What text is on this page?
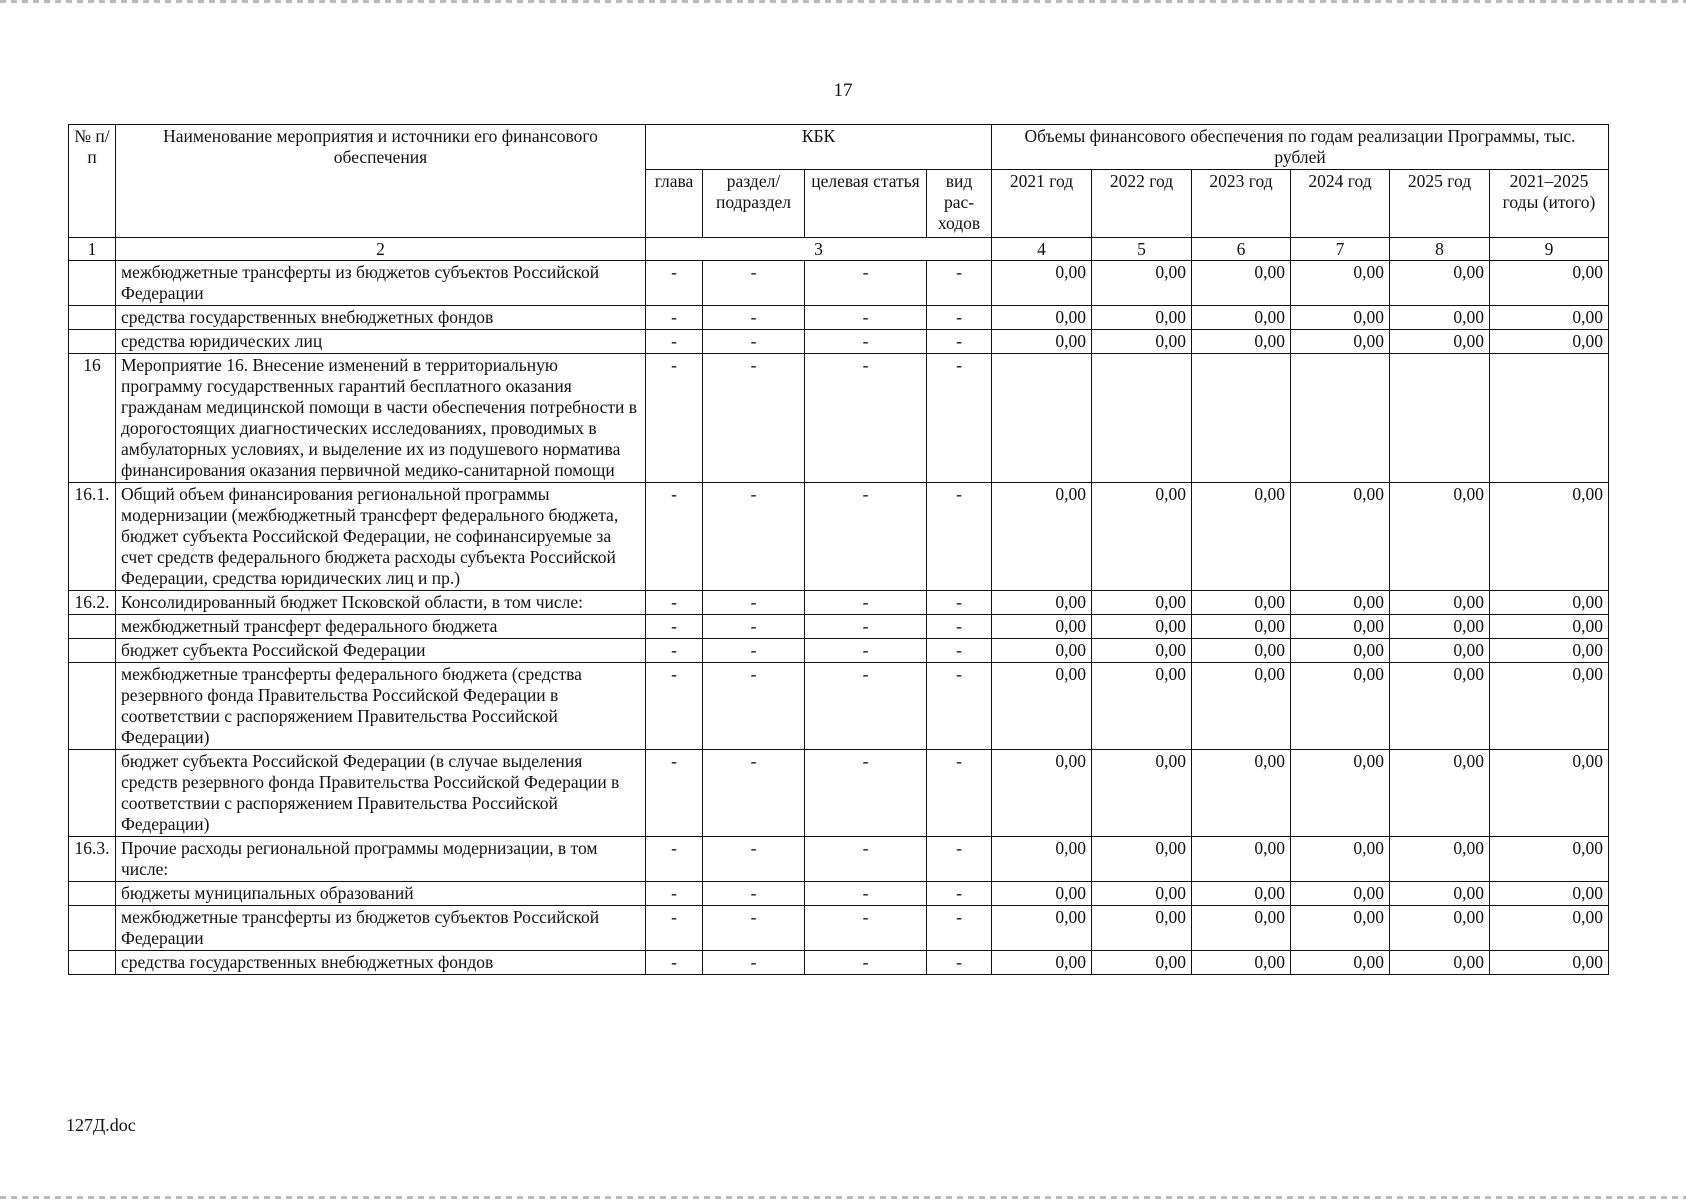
17
№ п/п	Наименование мероприятия и источники его финансового обеспечения	КБК				Объемы финансового обеспечения по годам реализации Программы, тыс. рублей					
		глава	раздел/ подраздел	целевая статья	вид рас-ходов	2021 год	2022 год	2023 год	2024 год	2025 год	2021–2025 годы (итого)
1	2	3				4	5	6	7	8	9
	межбюджетные трансферты из бюджетов субъектов Российской Федерации	-	-	-	-	0,00	0,00	0,00	0,00	0,00	0,00
	средства государственных внебюджетных фондов	-	-	-	-	0,00	0,00	0,00	0,00	0,00	0,00
	средства юридических лиц	-	-	-	-	0,00	0,00	0,00	0,00	0,00	0,00
16	Мероприятие 16. Внесение изменений в территориальную программу государственных гарантий бесплатного оказания гражданам медицинской помощи в части обеспечения потребности в дорогостоящих диагностических исследованиях, проводимых в амбулаторных условиях, и выделение их из подушевого норматива финансирования оказания первичной медико-санитарной помощи	-	-	-	-						
16.1.	Общий объем финансирования региональной программы модернизации (межбюджетный трансферт федерального бюджета, бюджет субъекта Российской Федерации, не софинансируемые за счет средств федерального бюджета расходы субъекта Российской Федерации, средства юридических лиц и пр.)	-	-	-	-	0,00	0,00	0,00	0,00	0,00	0,00
16.2.	Консолидированный бюджет Псковской области, в том числе:	-	-	-	-	0,00	0,00	0,00	0,00	0,00	0,00
	межбюджетный трансферт федерального бюджета	-	-	-	-	0,00	0,00	0,00	0,00	0,00	0,00
	бюджет субъекта Российской Федерации	-	-	-	-	0,00	0,00	0,00	0,00	0,00	0,00
	межбюджетные трансферты федерального бюджета (средства резервного фонда Правительства Российской Федерации в соответствии с распоряжением Правительства Российской Федерации)	-	-	-	-	0,00	0,00	0,00	0,00	0,00	0,00
	бюджет субъекта Российской Федерации (в случае выделения средств резервного фонда Правительства Российской Федерации в соответствии с распоряжением Правительства Российской Федерации)	-	-	-	-	0,00	0,00	0,00	0,00	0,00	0,00
16.3.	Прочие расходы региональной программы модернизации, в том числе:	-	-	-	-	0,00	0,00	0,00	0,00	0,00	0,00
	бюджеты муниципальных образований	-	-	-	-	0,00	0,00	0,00	0,00	0,00	0,00
	межбюджетные трансферты из бюджетов субъектов Российской Федерации	-	-	-	-	0,00	0,00	0,00	0,00	0,00	0,00
	средства государственных внебюджетных фондов	-	-	-	-	0,00	0,00	0,00	0,00	0,00	0,00
127Д.doc
